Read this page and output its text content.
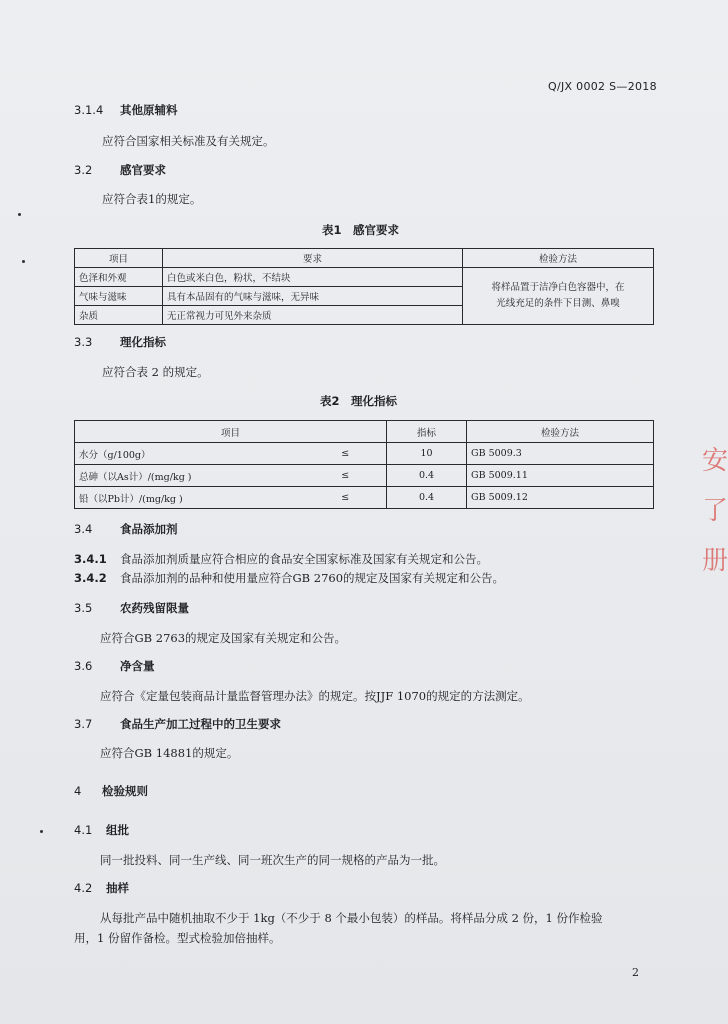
Q/JX 0002 S—2018
3.1.4 其他原辅料
应符合国家相关标准及有关规定。
3.2 感官要求
应符合表1的规定。
表1　感官要求
项目	要求	检验方法
色泽和外观	白色或米白色，粉状，不结块	将样品置于洁净白色容器中，在
光线充足的条件下目测、鼻嗅
气味与滋味	具有本品固有的气味与滋味，无异味	
杂质	无正常视力可见外来杂质	
3.3 理化指标
应符合表 2 的规定。
表2　理化指标
项目		指标	检验方法
水分（g/100g）	≤	10	GB 5009.3
总砷（以As计）/(mg/kg )	≤	0.4	GB 5009.11
铅（以Pb计）/(mg/kg )	≤	0.4	GB 5009.12
3.4 食品添加剂
3.4.1 食品添加剂质量应符合相应的食品安全国家标准及国家有关规定和公告。
3.4.2 食品添加剂的品种和使用量应符合GB 2760的规定及国家有关规定和公告。
3.5 农药残留限量
应符合GB 2763的规定及国家有关规定和公告。
3.6 净含量
应符合《定量包装商品计量监督管理办法》的规定。按JJF 1070的规定的方法测定。
3.7 食品生产加工过程中的卫生要求
应符合GB 14881的规定。
4 检验规则
4.1 组批
同一批投料、同一生产线、同一班次生产的同一规格的产品为一批。
4.2 抽样
从每批产品中随机抽取不少于 1kg（不少于 8 个最小包装）的样品。将样品分成 2 份，1 份作检验
用，1 份留作备检。型式检验加倍抽样。
2
安
了
册
